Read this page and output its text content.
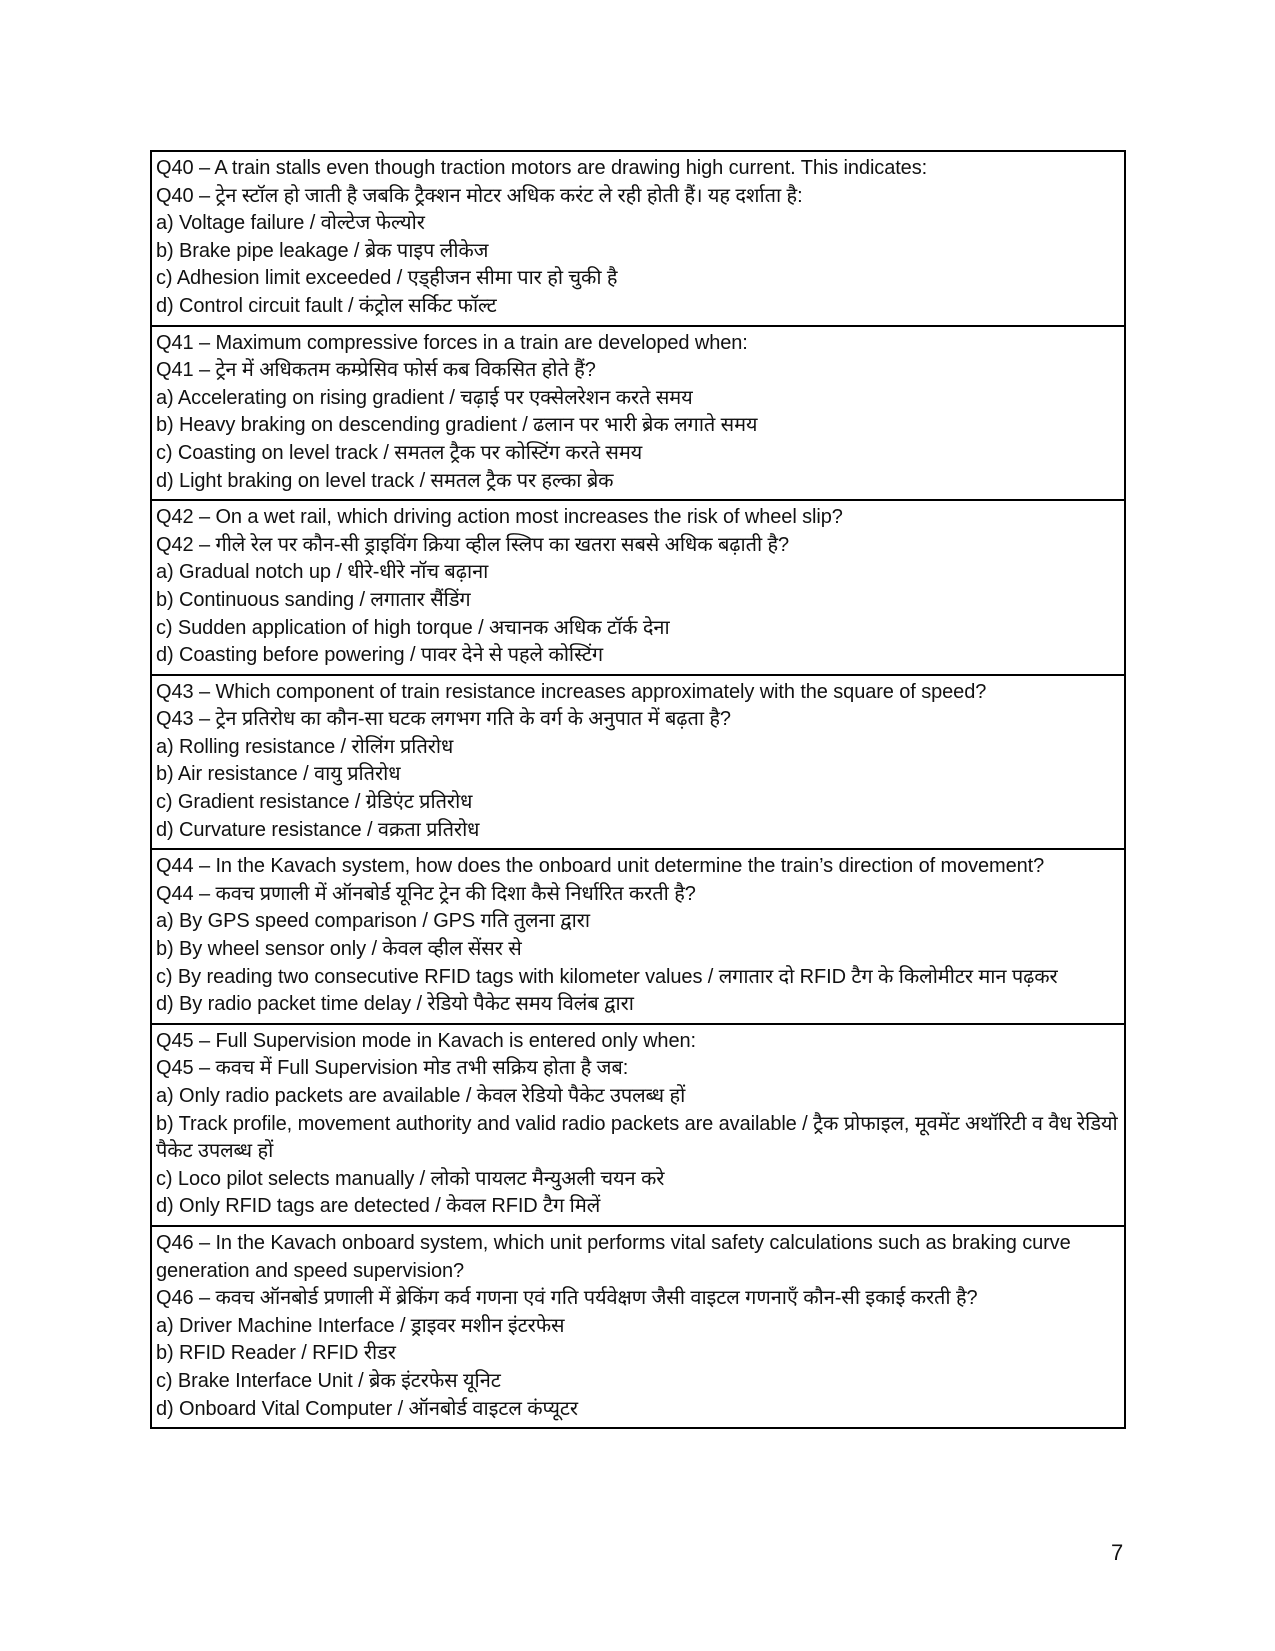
Q40 – A train stalls even though traction motors are drawing high current. This indicates:
Q40 – ट्रेन स्टॉल हो जाती है जबकि ट्रैक्शन मोटर अधिक करंट ले रही होती हैं। यह दर्शाता है:
a) Voltage failure / वोल्टेज फेल्योर
b) Brake pipe leakage / ब्रेक पाइप लीकेज
c) Adhesion limit exceeded / एड्हीजन सीमा पार हो चुकी है
d) Control circuit fault / कंट्रोल सर्किट फॉल्ट
Q41 – Maximum compressive forces in a train are developed when:
Q41 – ट्रेन में अधिकतम कम्प्रेसिव फोर्स कब विकसित होते हैं?
a) Accelerating on rising gradient / चढ़ाई पर एक्सेलरेशन करते समय
b) Heavy braking on descending gradient / ढलान पर भारी ब्रेक लगाते समय
c) Coasting on level track / समतल ट्रैक पर कोस्टिंग करते समय
d) Light braking on level track / समतल ट्रैक पर हल्का ब्रेक
Q42 – On a wet rail, which driving action most increases the risk of wheel slip?
Q42 – गीले रेल पर कौन-सी ड्राइविंग क्रिया व्हील स्लिप का खतरा सबसे अधिक बढ़ाती है?
a) Gradual notch up / धीरे-धीरे नॉच बढ़ाना
b) Continuous sanding / लगातार सैंडिंग
c) Sudden application of high torque / अचानक अधिक टॉर्क देना
d) Coasting before powering / पावर देने से पहले कोस्टिंग
Q43 – Which component of train resistance increases approximately with the square of speed?
Q43 – ट्रेन प्रतिरोध का कौन-सा घटक लगभग गति के वर्ग के अनुपात में बढ़ता है?
a) Rolling resistance / रोलिंग प्रतिरोध
b) Air resistance / वायु प्रतिरोध
c) Gradient resistance / ग्रेडिएंट प्रतिरोध
d) Curvature resistance / वक्रता प्रतिरोध
Q44 – In the Kavach system, how does the onboard unit determine the train’s direction of movement?
Q44 – कवच प्रणाली में ऑनबोर्ड यूनिट ट्रेन की दिशा कैसे निर्धारित करती है?
a) By GPS speed comparison / GPS गति तुलना द्वारा
b) By wheel sensor only / केवल व्हील सेंसर से
c) By reading two consecutive RFID tags with kilometer values / लगातार दो RFID टैग के किलोमीटर मान पढ़कर
d) By radio packet time delay / रेडियो पैकेट समय विलंब द्वारा
Q45 – Full Supervision mode in Kavach is entered only when:
Q45 – कवच में Full Supervision मोड तभी सक्रिय होता है जब:
a) Only radio packets are available / केवल रेडियो पैकेट उपलब्ध हों
b) Track profile, movement authority and valid radio packets are available / ट्रैक प्रोफाइल, मूवमेंट अथॉरिटी व वैध रेडियो पैकेट उपलब्ध हों
c) Loco pilot selects manually / लोको पायलट मैन्युअली चयन करे
d) Only RFID tags are detected / केवल RFID टैग मिलें
Q46 – In the Kavach onboard system, which unit performs vital safety calculations such as braking curve generation and speed supervision?
Q46 – कवच ऑनबोर्ड प्रणाली में ब्रेकिंग कर्व गणना एवं गति पर्यवेक्षण जैसी वाइटल गणनाएँ कौन-सी इकाई करती है?
a) Driver Machine Interface / ड्राइवर मशीन इंटरफेस
b) RFID Reader / RFID रीडर
c) Brake Interface Unit / ब्रेक इंटरफेस यूनिट
d) Onboard Vital Computer / ऑनबोर्ड वाइटल कंप्यूटर
7
